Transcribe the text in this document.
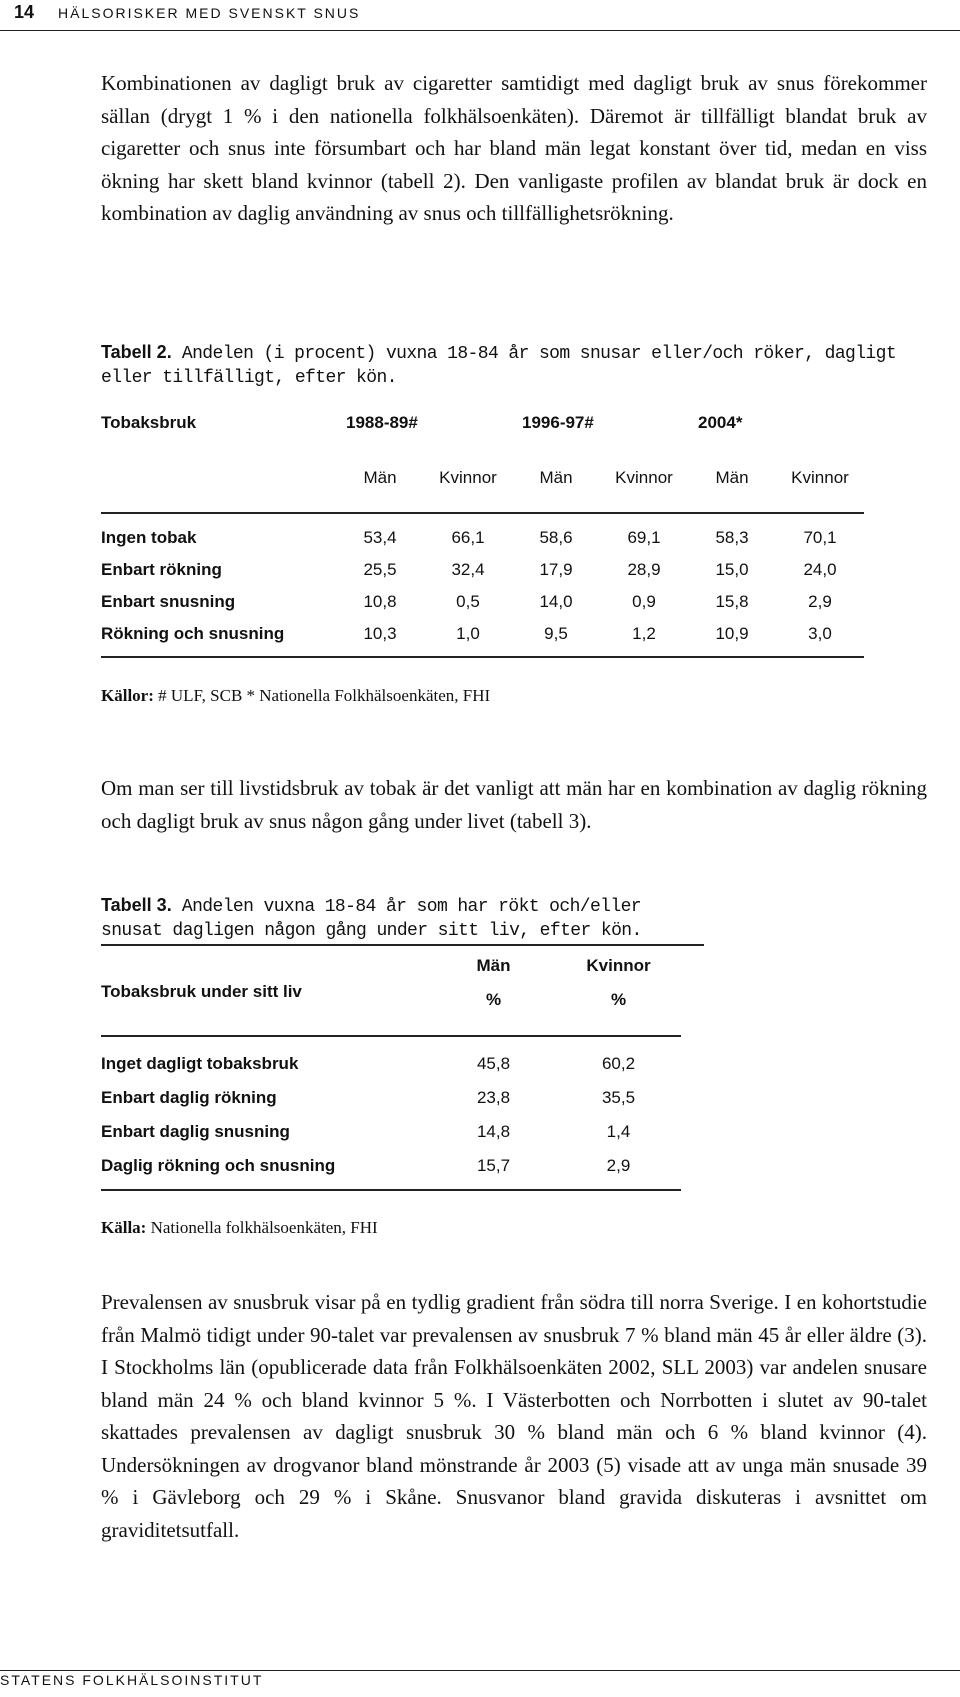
14 HÄLSORISKER MED SVENSKT SNUS
Kombinationen av dagligt bruk av cigaretter samtidigt med dagligt bruk av snus förekommer sällan (drygt 1 % i den nationella folkhälsoenkäten). Däremot är tillfälligt blandat bruk av cigaretter och snus inte försumbart och har bland män legat konstant över tid, medan en viss ökning har skett bland kvinnor (tabell 2). Den vanligaste profilen av blandat bruk är dock en kombination av daglig användning av snus och tillfällighetsrökning.
Tabell 2. Andelen (i procent) vuxna 18-84 år som snusar eller/och röker, dagligt eller tillfälligt, efter kön.
Tobaksbruk	1988-89#		1996-97#		2004*	
	Män	Kvinnor	Män	Kvinnor	Män	Kvinnor
Ingen tobak	53,4	66,1	58,6	69,1	58,3	70,1
Enbart rökning	25,5	32,4	17,9	28,9	15,0	24,0
Enbart snusning	10,8	0,5	14,0	0,9	15,8	2,9
Rökning och snusning	10,3	1,0	9,5	1,2	10,9	3,0
Källor: # ULF, SCB * Nationella Folkhälsoenkäten, FHI
Om man ser till livstidsbruk av tobak är det vanligt att män har en kombination av daglig rökning och dagligt bruk av snus någon gång under livet (tabell 3).
Tabell 3. Andelen vuxna 18-84 år som har rökt och/eller snusat dagligen någon gång under sitt liv, efter kön.
Tobaksbruk under sitt liv	Män	Kvinnor
	%	%
Inget dagligt tobaksbruk	45,8	60,2
Enbart daglig rökning	23,8	35,5
Enbart daglig snusning	14,8	1,4
Daglig rökning och snusning	15,7	2,9
Källa: Nationella folkhälsoenkäten, FHI
Prevalensen av snusbruk visar på en tydlig gradient från södra till norra Sverige. I en kohortstudie från Malmö tidigt under 90-talet var prevalensen av snusbruk 7 % bland män 45 år eller äldre (3). I Stockholms län (opublicerade data från Folkhälsoenkäten 2002, SLL 2003) var andelen snusare bland män 24 % och bland kvinnor 5 %. I Västerbotten och Norrbotten i slutet av 90-talet skattades prevalensen av dagligt snusbruk 30 % bland män och 6 % bland kvinnor (4). Undersökningen av drogvanor bland mönstrande år 2003 (5) visade att av unga män snusade 39 % i Gävleborg och 29 % i Skåne. Snusvanor bland gravida diskuteras i avsnittet om graviditetsutfall.
STATENS FOLKHÄLSOINSTITUT
